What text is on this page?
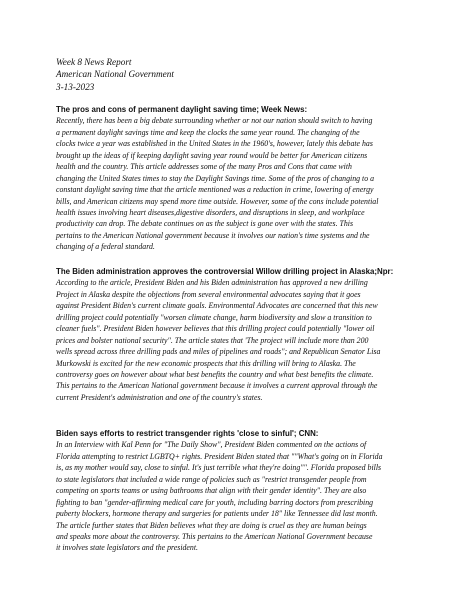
Week 8 News Report
American National Government
3-13-2023
The pros and cons of permanent daylight saving time; Week News:
Recently, there has been a big debate surrounding whether or not our nation should switch to having
a permanent daylight savings time and keep the clocks the same year round. The changing of the
clocks twice a year was established in the United States in the 1960's, however, lately this debate has
brought up the ideas of if keeping daylight saving year round would be better for American citizens
health and the country. This article addresses some of the many Pros and Cons that came with
changing the United States times to stay the Daylight Savings time. Some of the pros of changing to a
constant daylight saving time that the article mentioned was a reduction in crime, lowering of energy
bills, and American citizens may spend more time outside. However, some of the cons include potential
health issues involving heart diseases,digestive disorders, and disruptions in sleep, and workplace
productivity can drop. The debate continues on as the subject is gone over with the states. This
pertains to the American National government because it involves our nation's time systems and the
changing of a federal standard.
The Biden administration approves the controversial Willow drilling project in Alaska;Npr:
According to the article, President Biden and his Biden administration has approved a new drilling
Project in Alaska despite the objections from several environmental advocates saying that it goes
against President Biden's current climate goals. Environmental Advocates are concerned that this new
drilling project could potentially "worsen climate change, harm biodiversity and slow a transition to
cleaner fuels". President Biden however believes that this drilling project could potentially "lower oil
prices and bolster national security". The article states that 'The project will include more than 200
wells spread across three drilling pads and miles of pipelines and roads"; and Republican Senator Lisa
Murkowski is excited for the new economic prospects that this drilling will bring to Alaska. The
controversy goes on however about what best benefits the country and what best benefits the climate.
This pertains to the American National government because it involves a current approval through the
current President's administration and one of the country's states.
Biden says efforts to restrict transgender rights 'close to sinful'; CNN:
In an Interview with Kal Penn for "The Daily Show", President Biden commented on the actions of
Florida attempting to restrict LGBTQ+ rights. President Biden stated that ""What's going on in Florida
is, as my mother would say, close to sinful. It's just terrible what they're doing"". Florida proposed bills
to state legislators that included a wide range of policies such as "restrict transgender people from
competing on sports teams or using bathrooms that align with their gender identity". They are also
fighting to ban "gender-affirming medical care for youth, including barring doctors from prescribing
puberty blockers, hormone therapy and surgeries for patients under 18" like Tennessee did last month.
The article further states that Biden believes what they are doing is cruel as they are human beings
and speaks more about the controversy. This pertains to the American National Government because
it involves state legislators and the president.
